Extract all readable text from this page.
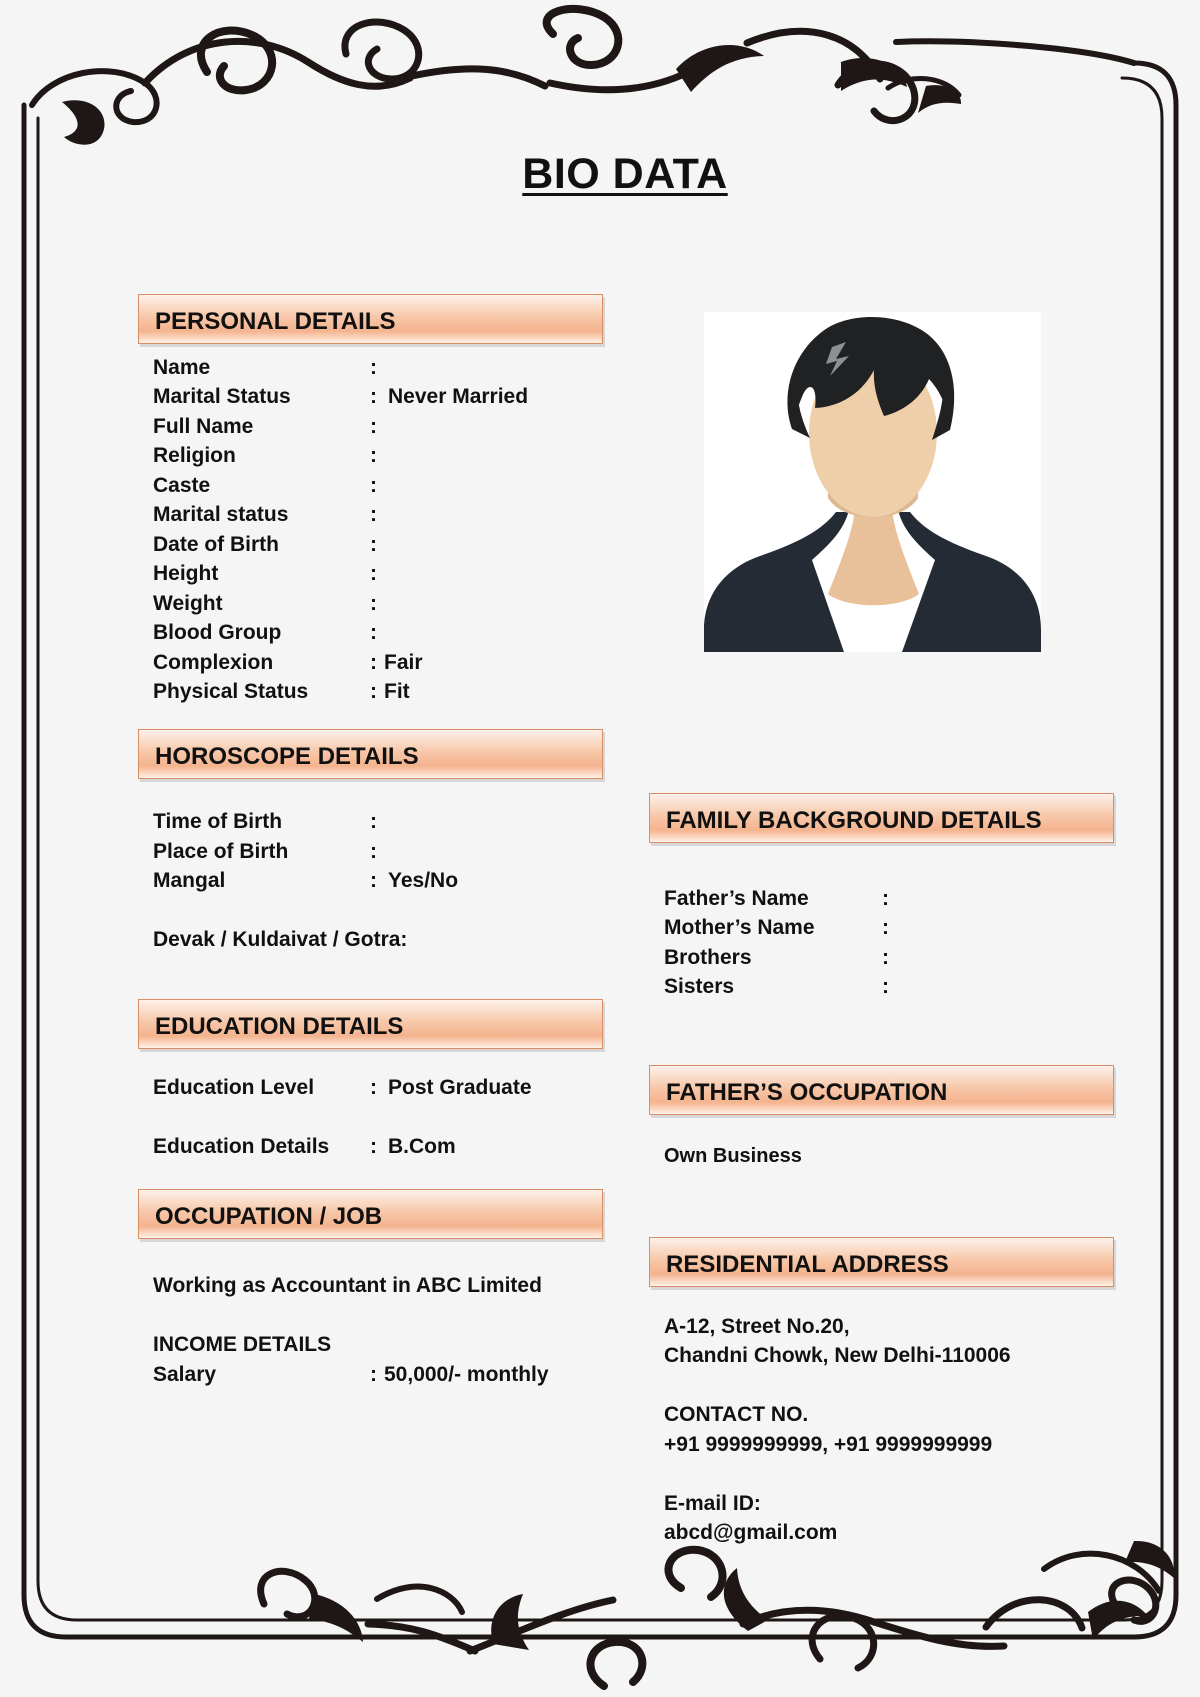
BIO DATA
PERSONAL DETAILS
Name	:
Marital Status	: Never Married
Full Name	:
Religion	:
Caste	:
Marital status	:
Date of Birth	:
Height	:
Weight	:
Blood Group	:
Complexion	: Fair
Physical Status	: Fit
HOROSCOPE DETAILS
Time of Birth	:
Place of Birth	:
Mangal	: Yes/No
Devak / Kuldaivat / Gotra:
FAMILY BACKGROUND DETAILS
Father’s Name	:
Mother’s Name	:
Brothers	:
Sisters	:
EDUCATION DETAILS
Education Level	: Post Graduate
Education Details : B.Com
FATHER’S OCCUPATION
Own Business
OCCUPATION / JOB
Working as Accountant in ABC Limited
INCOME DETAILS
Salary	: 50,000/- monthly
RESIDENTIAL ADDRESS
A-12, Street No.20,
Chandni Chowk, New Delhi-110006
CONTACT NO.
+91 9999999999, +91 9999999999
E-mail ID:
abcd@gmail.com
